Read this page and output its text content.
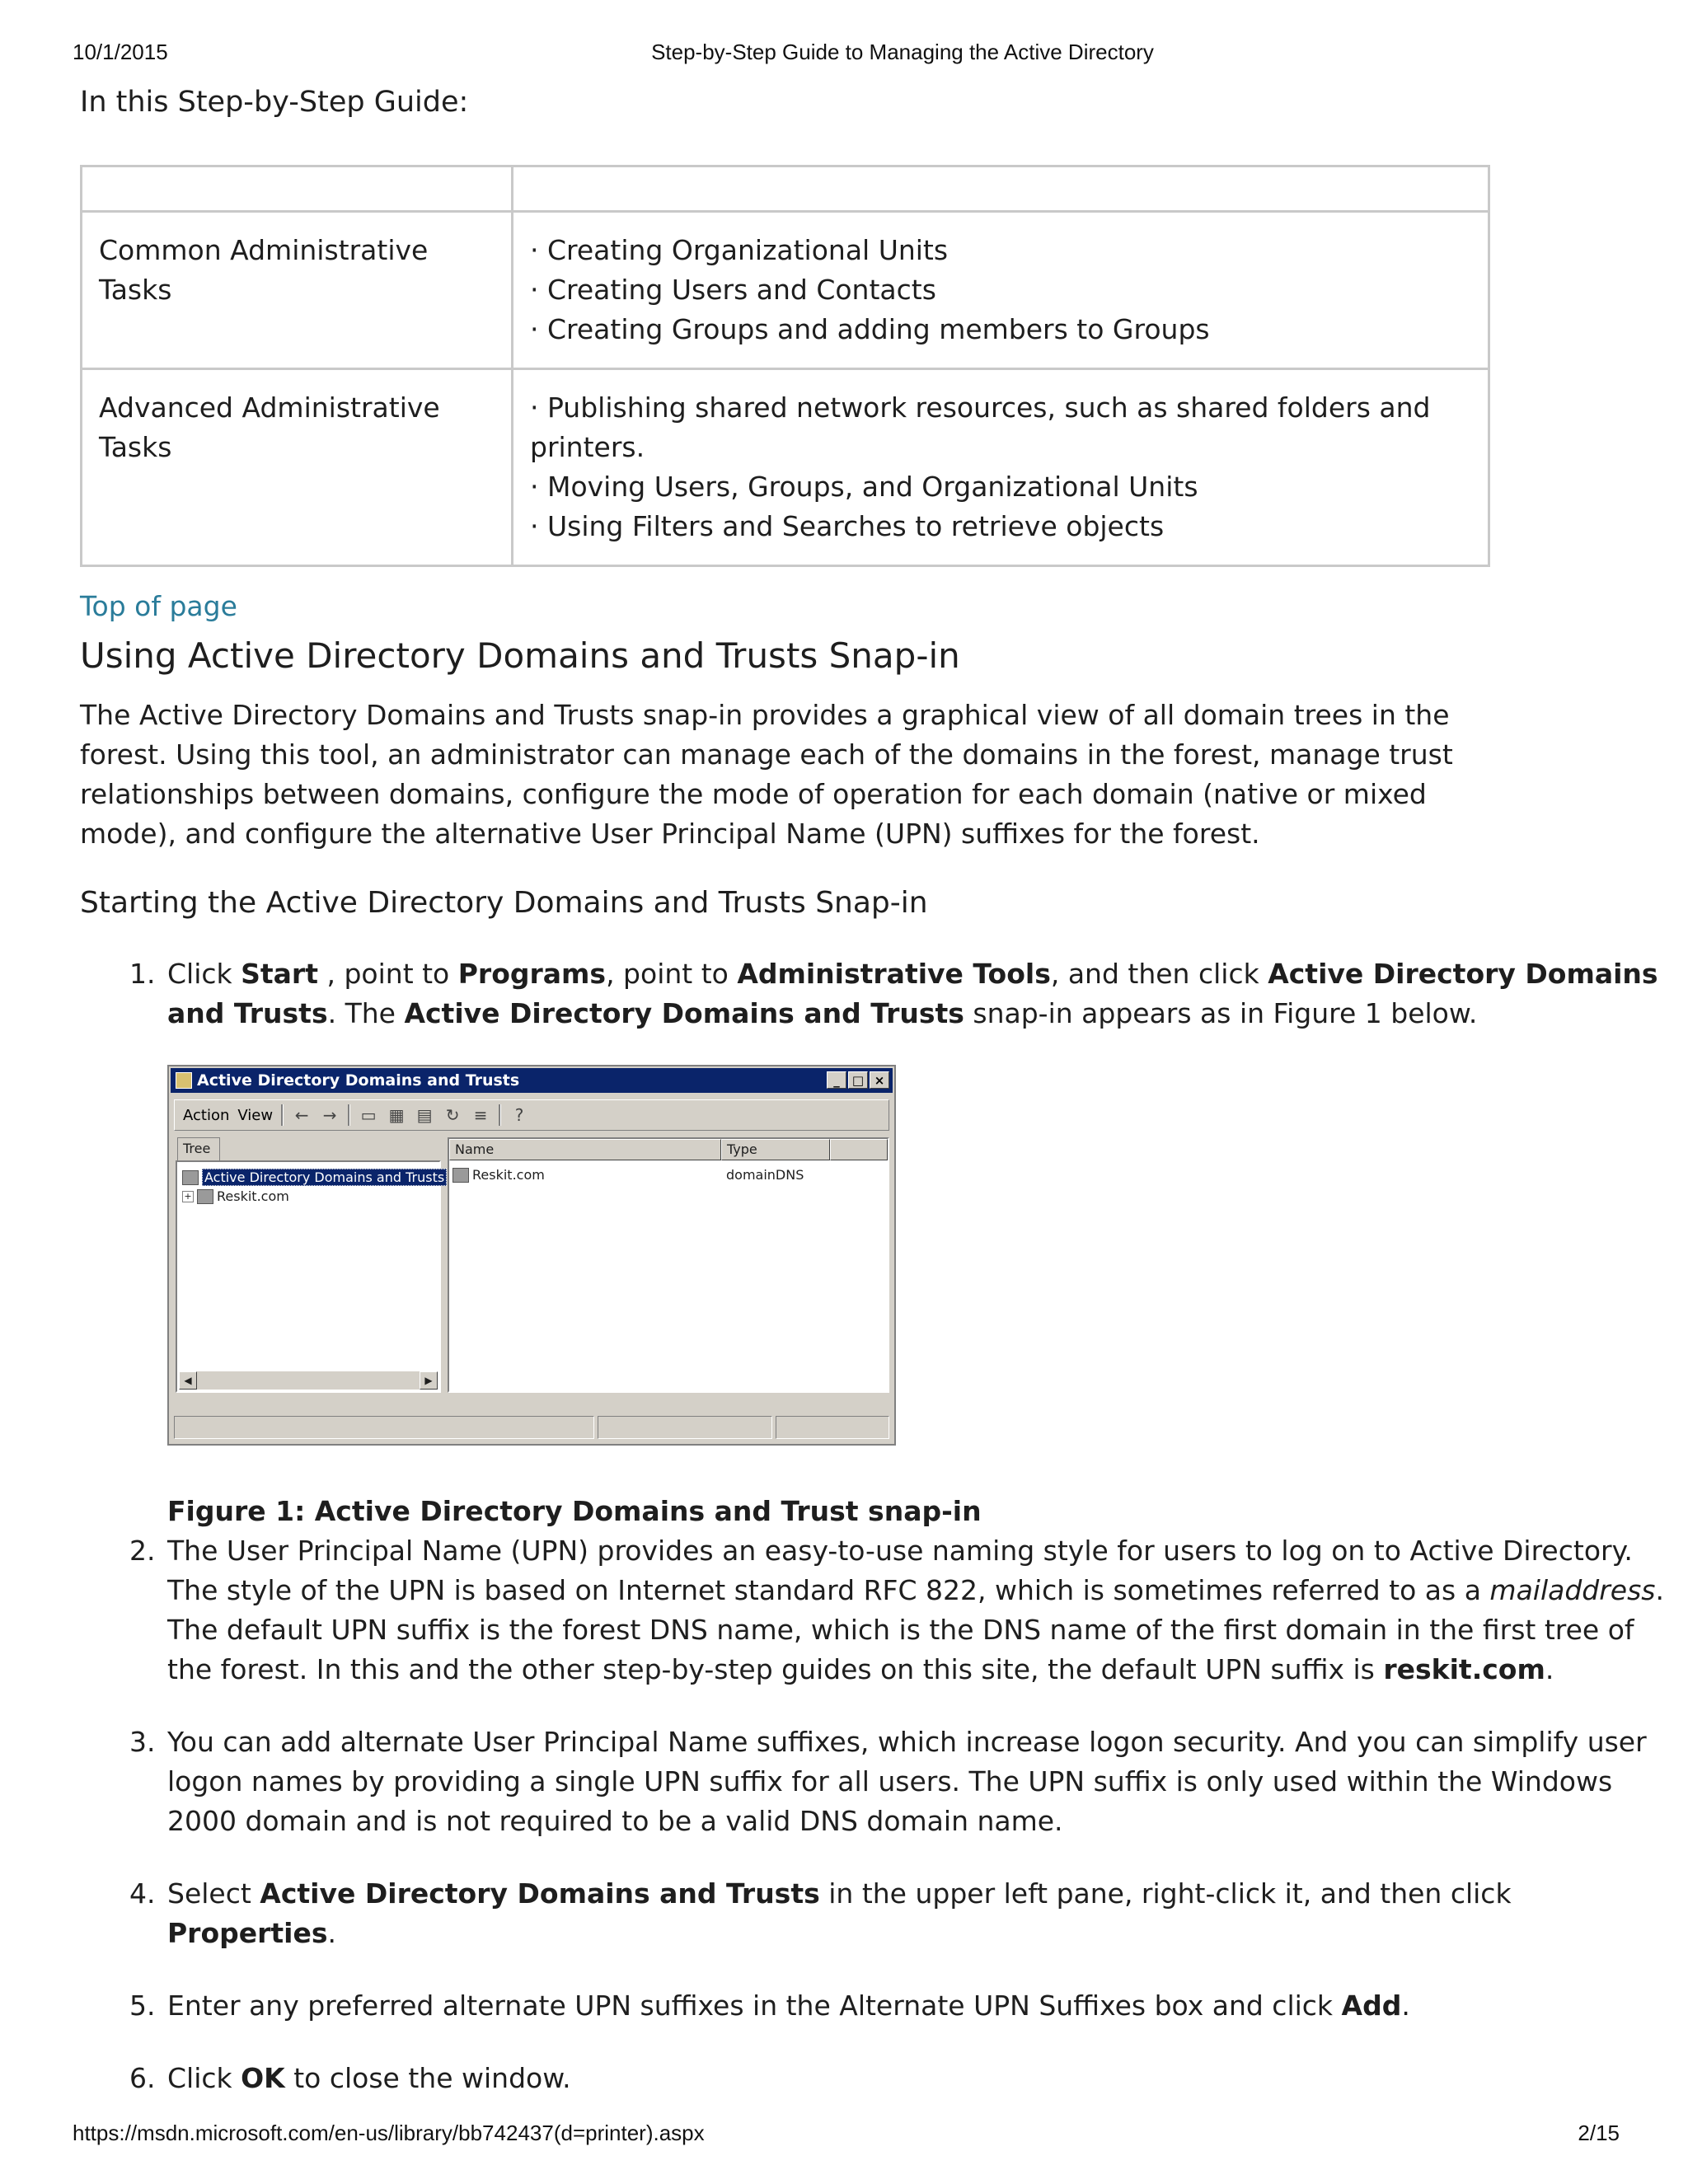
10/1/2015	Step-by-Step Guide to Managing the Active Directory

In this Step-by-Step Guide:

Common Administrative Tasks	· Creating Organizational Units
· Creating Users and Contacts
· Creating Groups and adding members to Groups

Advanced Administrative Tasks	· Publishing shared network resources, such as shared folders and printers.
· Moving Users, Groups, and Organizational Units
· Using Filters and Searches to retrieve objects
Top of page
Using Active Directory Domains and Trusts Snap-in

The Active Directory Domains and Trusts snap-in provides a graphical view of all domain trees in the forest. Using this tool, an administrator can manage each of the domains in the forest, manage trust relationships between domains, configure the mode of operation for each domain (native or mixed mode), and configure the alternative User Principal Name (UPN) suffixes for the forest.

Starting the Active Directory Domains and Trusts Snap-in
1. Click Start , point to Programs, point to Administrative Tools, and then click Active Directory Domains and Trusts. The Active Directory Domains and Trusts snap-in appears as in Figure 1 below.
Active Directory Domains and Trusts	_	□ ×
Action View ← → ▭ ▦ ▤ ↻ ≡	?
Tree
Active Directory Domains and Trusts
+ Reskit.com
◀	▶
Name	Type
Reskit.com	domainDNS
Figure 1: Active Directory Domains and Trust snap-in
2. The User Principal Name (UPN) provides an easy-to-use naming style for users to log on to Active Directory. The style of the UPN is based on Internet standard RFC 822, which is sometimes referred to as a mailaddress. The default UPN suffix is the forest DNS name, which is the DNS name of the first domain in the first tree of the forest. In this and the other step-by-step guides on this site, the default UPN suffix is reskit.com.
3. You can add alternate User Principal Name suffixes, which increase logon security. And you can simplify user logon names by providing a single UPN suffix for all users. The UPN suffix is only used within the Windows 2000 domain and is not required to be a valid DNS domain name.
4. Select Active Directory Domains and Trusts in the upper left pane, right-click it, and then click Properties.
5. Enter any preferred alternate UPN suffixes in the Alternate UPN Suffixes box and click Add.
6. Click OK to close the window.
https://msdn.microsoft.com/en-us/library/bb742437(d=printer).aspx	2/15
